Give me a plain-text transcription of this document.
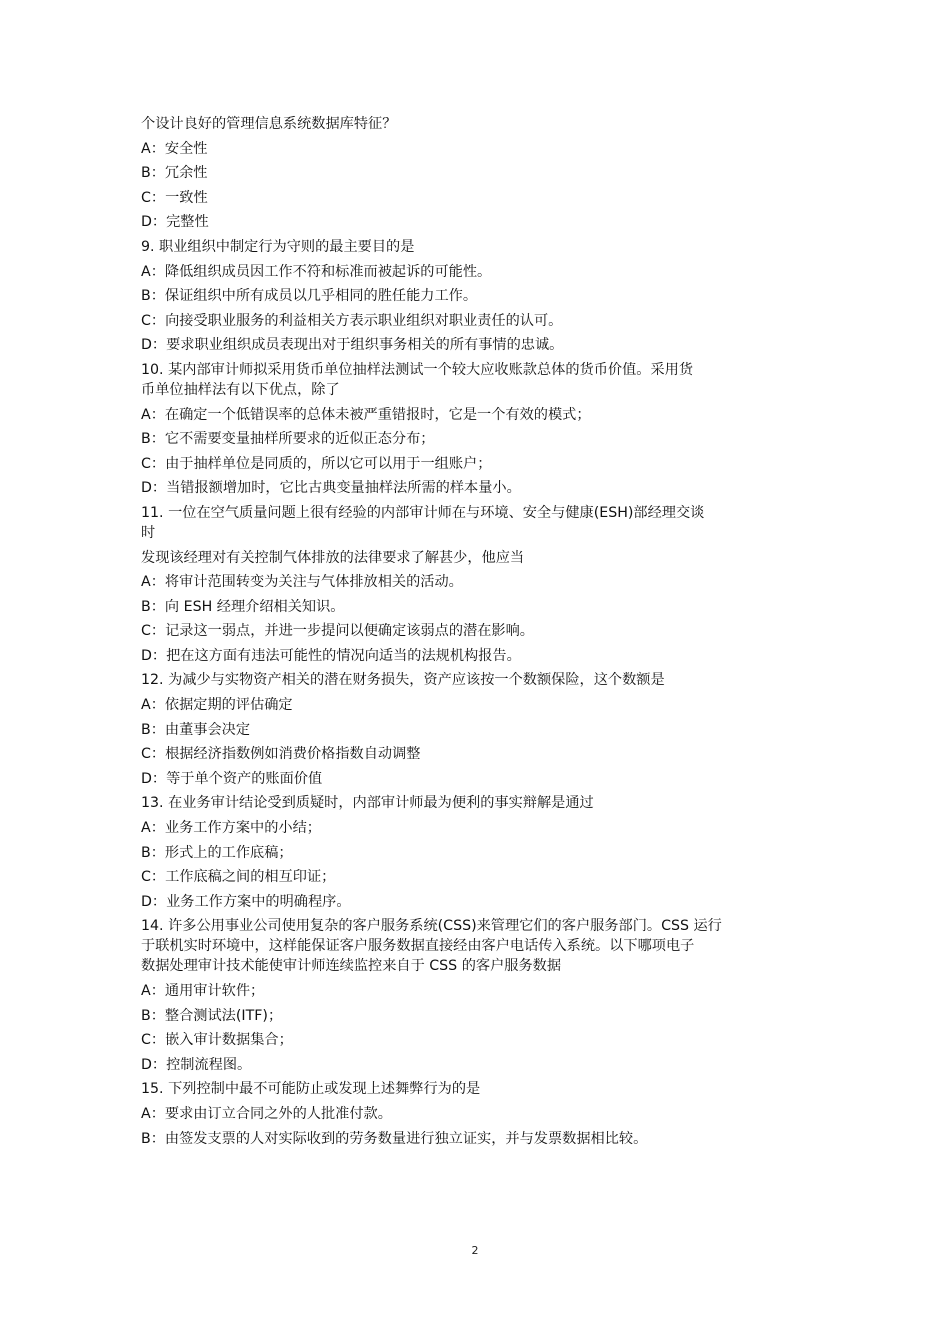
个设计良好的管理信息系统数据库特征？
A：安全性
B：冗余性
C：一致性
D：完整性
9. 职业组织中制定行为守则的最主要目的是
A：降低组织成员因工作不符和标准而被起诉的可能性。
B：保证组织中所有成员以几乎相同的胜任能力工作。
C：向接受职业服务的利益相关方表示职业组织对职业责任的认可。
D：要求职业组织成员表现出对于组织事务相关的所有事情的忠诚。
10. 某内部审计师拟采用货币单位抽样法测试一个较大应收账款总体的货币价值。采用货
币单位抽样法有以下优点，除了
A：在确定一个低错误率的总体未被严重错报时，它是一个有效的模式；
B：它不需要变量抽样所要求的近似正态分布；
C：由于抽样单位是同质的，所以它可以用于一组账户；
D：当错报额增加时，它比古典变量抽样法所需的样本量小。
11. 一位在空气质量问题上很有经验的内部审计师在与环境、安全与健康(ESH)部经理交谈
时
发现该经理对有关控制气体排放的法律要求了解甚少，他应当
A：将审计范围转变为关注与气体排放相关的活动。
B：向 ESH 经理介绍相关知识。
C：记录这一弱点，并进一步提问以便确定该弱点的潜在影响。
D：把在这方面有违法可能性的情况向适当的法规机构报告。
12. 为减少与实物资产相关的潜在财务损失，资产应该按一个数额保险，这个数额是
A：依据定期的评估确定
B：由董事会决定
C：根据经济指数例如消费价格指数自动调整
D：等于单个资产的账面价值
13. 在业务审计结论受到质疑时，内部审计师最为便利的事实辩解是通过
A：业务工作方案中的小结；
B：形式上的工作底稿；
C：工作底稿之间的相互印证；
D：业务工作方案中的明确程序。
14. 许多公用事业公司使用复杂的客户服务系统(CSS)来管理它们的客户服务部门。CSS 运行
于联机实时环境中，这样能保证客户服务数据直接经由客户电话传入系统。以下哪项电子
数据处理审计技术能使审计师连续监控来自于 CSS 的客户服务数据
A：通用审计软件；
B：整合测试法(ITF)；
C：嵌入审计数据集合；
D：控制流程图。
15. 下列控制中最不可能防止或发现上述舞弊行为的是
A：要求由订立合同之外的人批准付款。
B：由签发支票的人对实际收到的劳务数量进行独立证实，并与发票数据相比较。
2
